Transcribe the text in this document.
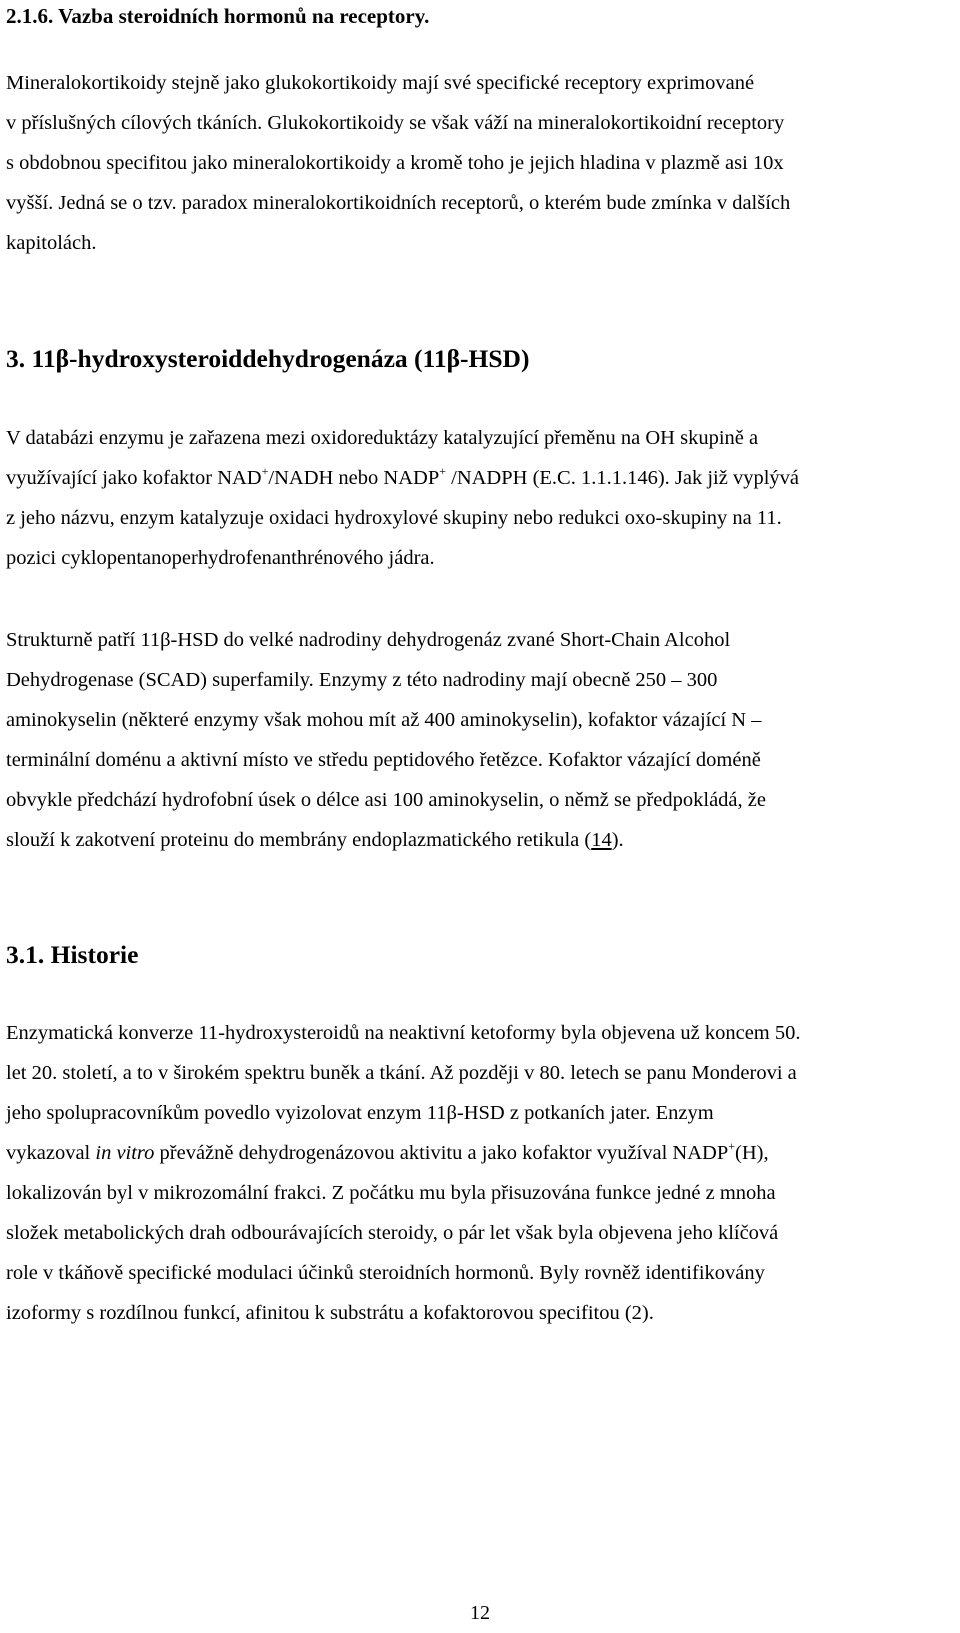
2.1.6. Vazba steroidních hormonů na receptory.
Mineralokortikoidy stejně jako glukokortikoidy mají své specifické receptory exprimované
v příslušných cílových tkáních. Glukokortikoidy se však váží na mineralokortikoidní receptory
s obdobnou specifitou jako mineralokortikoidy a kromě toho je jejich hladina v plazmě asi 10x
vyšší. Jedná se o tzv. paradox mineralokortikoidních receptorů, o kterém bude zmínka v dalších
kapitolách.
3. 11β-hydroxysteroiddehydrogenáza (11β-HSD)
V databázi enzymu je zařazena mezi oxidoreduktázy katalyzující přeměnu na OH skupině a
využívající jako kofaktor NAD+/NADH nebo NADP+ /NADPH (E.C. 1.1.1.146). Jak již vyplývá
z jeho názvu, enzym katalyzuje oxidaci hydroxylové skupiny nebo redukci oxo-skupiny na 11.
pozici cyklopentanoperhydrofenanthrénového jádra.
Strukturně patří 11β-HSD do velké nadrodiny dehydrogenáz zvané Short-Chain Alcohol
Dehydrogenase (SCAD) superfamily. Enzymy z této nadrodiny mají obecně 250 – 300
aminokyselin (některé enzymy však mohou mít až 400 aminokyselin), kofaktor vázající N –
terminální doménu a aktivní místo ve středu peptidového řetězce. Kofaktor vázající doméně
obvykle předchází hydrofobní úsek o délce asi 100 aminokyselin, o němž se předpokládá, že
slouží k zakotvení proteinu do membrány endoplazmatického retikula (14).
3.1. Historie
Enzymatická konverze 11-hydroxysteroidů na neaktivní ketoformy byla objevena už koncem 50.
let 20. století, a to v širokém spektru buněk a tkání. Až později v 80. letech se panu Monderovi a
jeho spolupracovníkům povedlo vyizolovat enzym 11β-HSD z potkaních jater. Enzym
vykazoval in vitro převážně dehydrogenázovou aktivitu a jako kofaktor využíval NADP+(H),
lokalizován byl v mikrozomální frakci. Z počátku mu byla přisuzována funkce jedné z mnoha
složek metabolických drah odbourávajících steroidy, o pár let však byla objevena jeho klíčová
role v tkáňově specifické modulaci účinků steroidních hormonů. Byly rovněž identifikovány
izoformy s rozdílnou funkcí, afinitou k substrátu a kofaktorovou specifitou (2).
12
